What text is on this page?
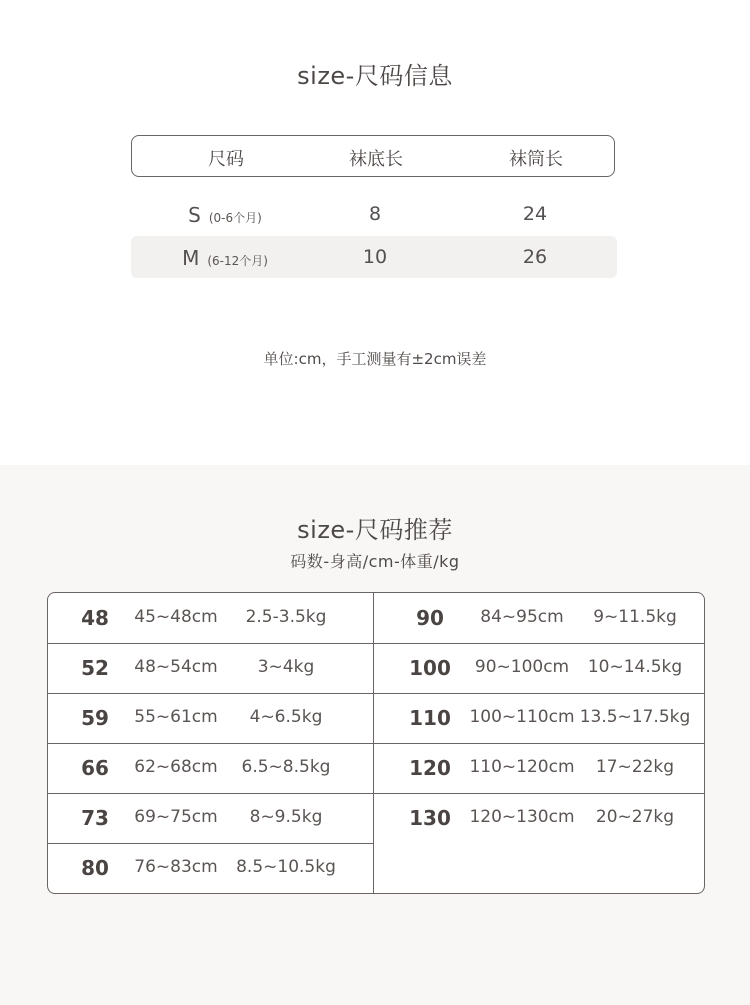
size-尺码信息
尺码	袜底长	袜筒长
S (0-6个月)	8	24
M (6-12个月)	10	26
单位:cm，手工测量有±2cm误差
size-尺码推荐
码数-身高/cm-体重/kg
48	45~48cm	2.5-3.5kg
52	48~54cm	3~4kg
59	55~61cm	4~6.5kg
66	62~68cm	6.5~8.5kg
73	69~75cm	8~9.5kg
80	76~83cm	8.5~10.5kg
90	84~95cm	9~11.5kg
100	90~100cm	10~14.5kg
110	100~110cm 13.5~17.5kg
120	110~120cm	17~22kg
130	120~130cm	20~27kg
